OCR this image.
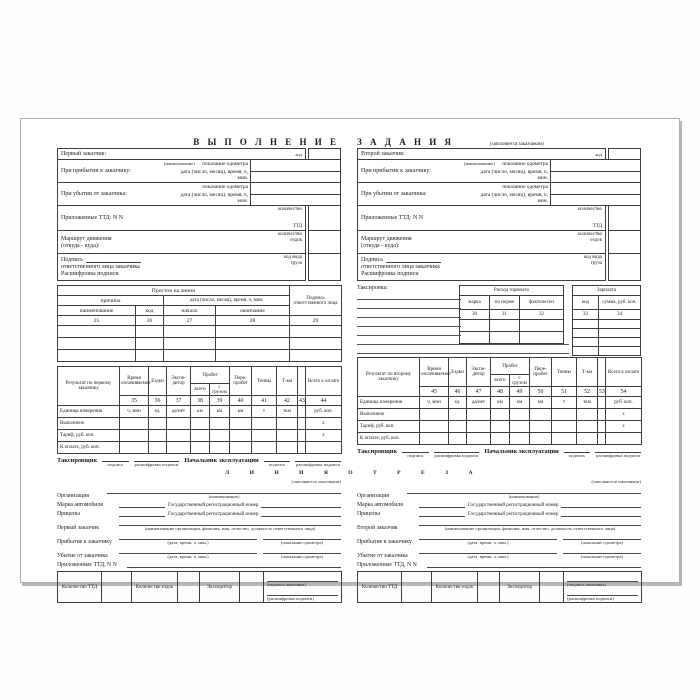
В Ы П О Л Н Е Н И Е
Первый заказчик:	код
(наименование)
При прибытии к заказчику:
показание одометра
дата (число, месяц), время, ч, мин.
При убытии от заказчика:
показание одометра
дата (число, месяц), время, ч, мин.
Приложенные ТТД: N N
количество
ТТД
Маршрут движения
(откуда - куда):
количество
ездок
Подпись
ответственного лица заказчика
Расшифровка подписи
код вида
груза
Простои на линии				Подпись ответственного лица
причина		дата (число, месяц), время, ч, мин.		
наименование	код	начало	окончание	
25	26	27	28	29

Результат по первому заказчику	Время оплачиваемое	Ездки	Экспедитор	Пробег		Перепробег	Тонны	Т-км		Всего к оплате
				всего	с грузом					
	35	36	37	38	39	40	41	42	43	44
Единица измерения	ч, мин	ед.	да/нет	км	км	км	т	ткм		руб. коп.
Выполнено										х
Тариф, руб. коп.										х
К оплате, руб. коп.										
Таксировщик
подпись	расшифровка подписи
Начальник эксплуатации
подпись	расшифровка подписи
З А Д А Н И Я	(заполняется заказчиком)
Второй заказчик:	код
(наименование)
При прибытии к заказчику:
показание одометра
дата (число, месяц), время, ч, мин.
При убытии от заказчика:
показание одометра
дата (число, месяц), время, ч, мин.
Приложенные ТТД: N N
количество
ТТД
Маршрут движения
(откуда - куда):
количество
ездок
Подпись
ответственного лица заказчика
Расшифровка подписи
код вида
груза
Таксировка:	Расход горючего		
марка	по норме	фактически
30	31	32

Зарплата	
код	сумма, руб. коп.
33	34

Результат по второму заказчику	Время оплачиваемое	Ездки	Экспедитор	Пробег		Перепробег	Тонны	Т-км		Всего к оплате
				всего	с грузом					
	45	46	47	48	49	50	51	52	53	54
Единица измерения	ч, мин	ед.	да/нет	км	км	км	т	ткм		руб. коп.
Выполнено										х
Тариф, руб. коп.										х
К оплате, руб. коп.										
Таксировщик
подпись	расшифровка подписи
Начальник эксплуатации
подпись	расшифровка подписи
Л И Н И Я О Т Р Е З А
(заполняется заказчиком)
Организация	(наименование)
Марка автомобиля	Государственный регистрационный номер
Прицепы	Государственный регистрационный номер
Первый заказчик	(наименование организации, фамилия, имя, отчество, должность ответственного лица)
Прибытие к заказчику	(дата, время, ч, мин.)	(показание одометра)
Убытие от заказчика	(дата, время, ч, мин.)	(показание одометра)
Приложенные ТТД, N N
Количество ТТД		Количество ездок		Экспедитор		(подпись заказчика)
(расшифровка подписи)
(заполняется заказчиком)
Организация	(наименование)
Марка автомобиля	Государственный регистрационный номер
Прицепы	Государственный регистрационный номер
Второй заказчик	(наименование организации, фамилия, имя, отчество, должность ответственного лица)
Прибытие к заказчику	(дата, время, ч, мин.)	(показание одометра)
Убытие от заказчика	(дата, время, ч, мин.)	(показание одометра)
Приложенные ТТД, N N
Количество ТТД		Количество ездок		Экспедитор		(подпись заказчика)
(расшифровка подписи)
